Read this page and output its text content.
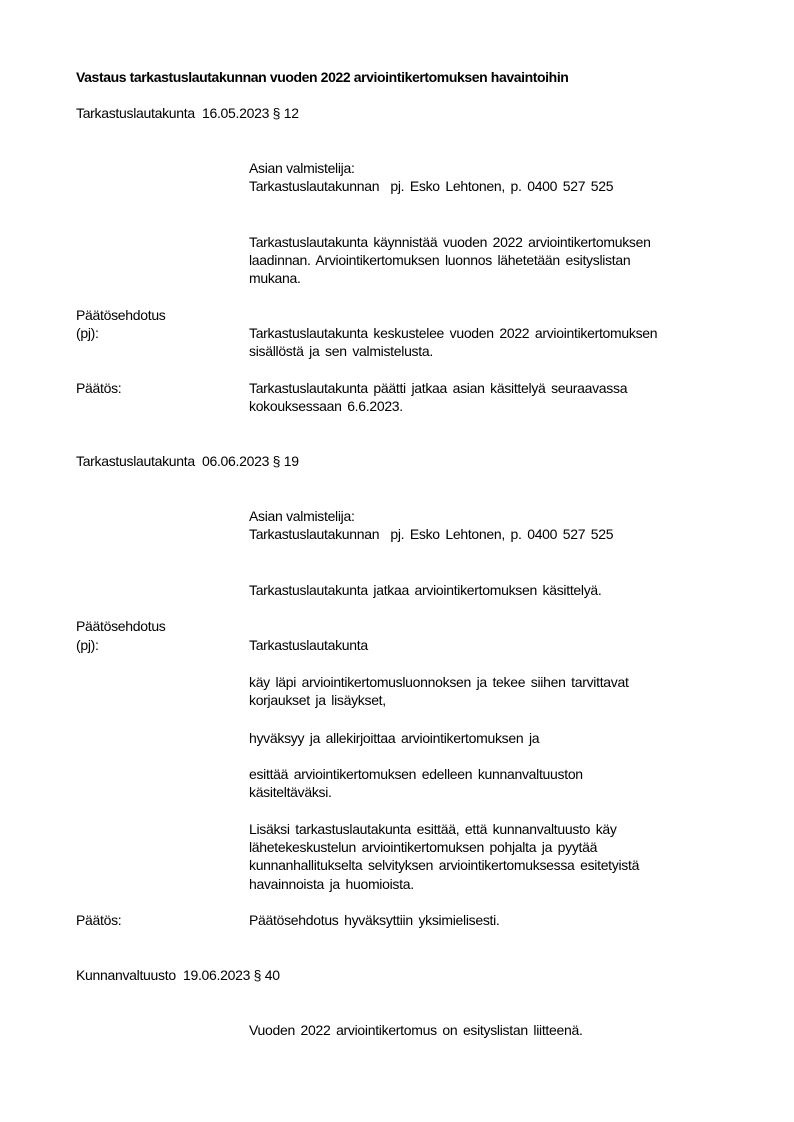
Vastaus tarkastuslautakunnan vuoden 2022 arviointikertomuksen havaintoihin
Tarkastuslautakunta  16.05.2023 § 12
Asian valmistelija:
Tarkastuslautakunnan  pj. Esko Lehtonen, p. 0400 527 525
Tarkastuslautakunta käynnistää vuoden 2022 arviointikertomuksen
laadinnan. Arviointikertomuksen luonnos lähetetään esityslistan
mukana.
Päätösehdotus
(pj):	Tarkastuslautakunta keskustelee vuoden 2022 arviointikertomuksen
sisällöstä ja sen valmistelusta.
Päätös:	Tarkastuslautakunta päätti jatkaa asian käsittelyä seuraavassa
kokouksessaan 6.6.2023.
Tarkastuslautakunta  06.06.2023 § 19
Asian valmistelija:
Tarkastuslautakunnan  pj. Esko Lehtonen, p. 0400 527 525
Tarkastuslautakunta jatkaa arviointikertomuksen käsittelyä.
Päätösehdotus
(pj):	Tarkastuslautakunta
käy läpi arviointikertomusluonnoksen ja tekee siihen tarvittavat
korjaukset ja lisäykset,
hyväksyy ja allekirjoittaa arviointikertomuksen ja
esittää arviointikertomuksen edelleen kunnanvaltuuston
käsiteltäväksi.
Lisäksi tarkastuslautakunta esittää, että kunnanvaltuusto käy
lähetekeskustelun arviointikertomuksen pohjalta ja pyytää
kunnanhallitukselta selvityksen arviointikertomuksessa esitetyistä
havainnoista ja huomioista.
Päätös:	Päätösehdotus hyväksyttiin yksimielisesti.
Kunnanvaltuusto  19.06.2023 § 40
Vuoden 2022 arviointikertomus on esityslistan liitteenä.
